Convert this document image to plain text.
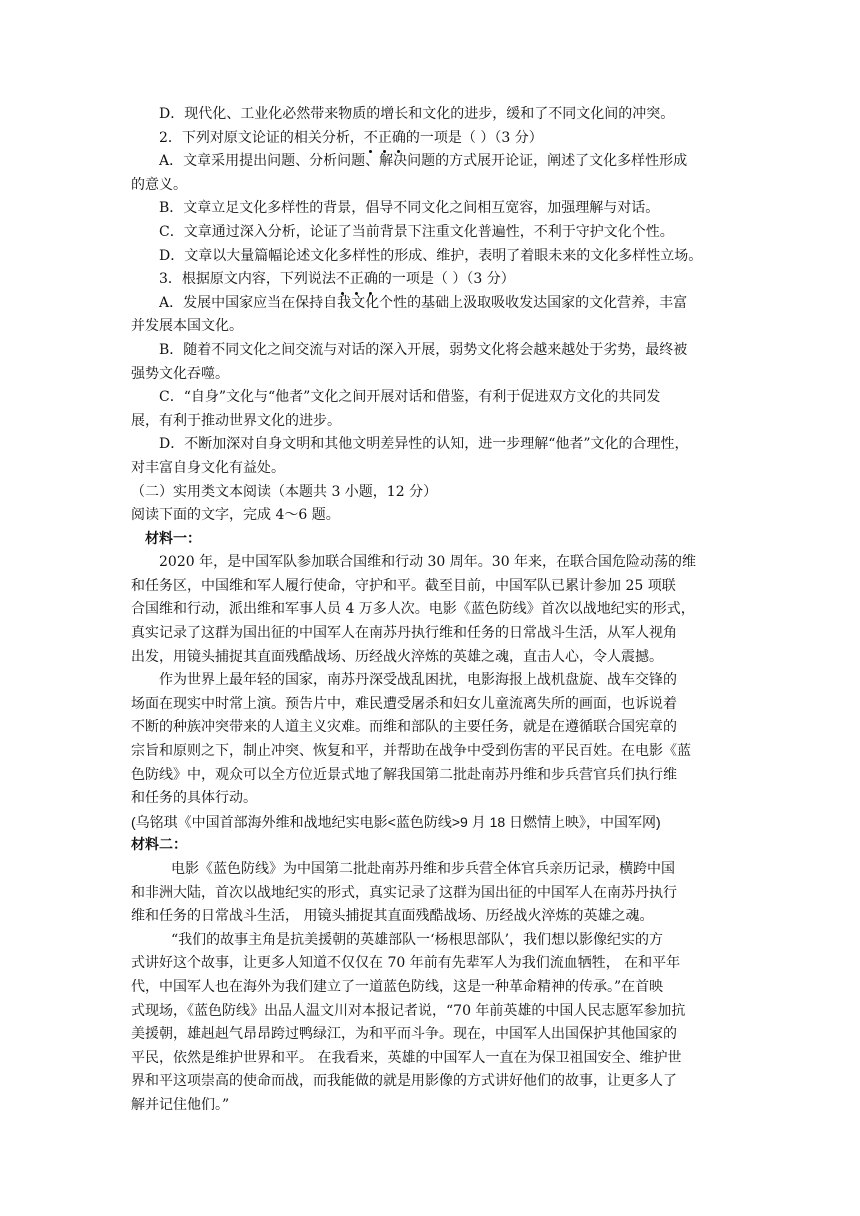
D．现代化、工业化必然带来物质的增长和文化的进步，缓和了不同文化间的冲突。

2．下列对原文论证的相关分析，不正确的一项是（ ）（3 分）

A．文章采用提出问题、分析问题、解决问题的方式展开论证，阐述了文化多样性形成

的意义。

B．文章立足文化多样性的背景，倡导不同文化之间相互宽容，加强理解与对话。

C．文章通过深入分析，论证了当前背景下注重文化普遍性，不利于守护文化个性。

D．文章以大量篇幅论述文化多样性的形成、维护，表明了着眼未来的文化多样性立场。

3．根据原文内容，下列说法不正确的一项是（ ）（3 分）

A．发展中国家应当在保持自我文化个性的基础上汲取吸收发达国家的文化营养，丰富

并发展本国文化。

B．随着不同文化之间交流与对话的深入开展，弱势文化将会越来越处于劣势，最终被

强势文化吞噬。

C．“自身”文化与“他者”文化之间开展对话和借鉴，有利于促进双方文化的共同发

展，有利于推动世界文化的进步。

D．不断加深对自身文明和其他文明差异性的认知，进一步理解“他者”文化的合理性，

对丰富自身文化有益处。

（二）实用类文本阅读（本题共 3 小题，12 分）

阅读下面的文字，完成 4～6 题。

材料一：

2020 年，是中国军队参加联合国维和行动 30 周年。30 年来，在联合国危险动荡的维

和任务区，中国维和军人履行使命，守护和平。截至目前，中国军队已累计参加 25 项联

合国维和行动，派出维和军事人员 4 万多人次。电影《蓝色防线》首次以战地纪实的形式，

真实记录了这群为国出征的中国军人在南苏丹执行维和任务的日常战斗生活，从军人视角

出发，用镜头捕捉其直面残酷战场、历经战火淬炼的英雄之魂，直击人心，令人震撼。

作为世界上最年轻的国家，南苏丹深受战乱困扰，电影海报上战机盘旋、战车交锋的

场面在现实中时常上演。预告片中，难民遭受屠杀和妇女儿童流离失所的画面，也诉说着

不断的种族冲突带来的人道主义灾难。而维和部队的主要任务，就是在遵循联合国宪章的

宗旨和原则之下，制止冲突、恢复和平，并帮助在战争中受到伤害的平民百姓。在电影《蓝

色防线》中，观众可以全方位近景式地了解我国第二批赴南苏丹维和步兵营官兵们执行维

和任务的具体行动。

(乌铭琪《中国首部海外维和战地纪实电影<蓝色防线>9 月 18 日燃情上映》，中国军网)

材料二：

电影《蓝色防线》为中国第二批赴南苏丹维和步兵营全体官兵亲历记录，横跨中国

和非洲大陆，首次以战地纪实的形式，真实记录了这群为国出征的中国军人在南苏丹执行

维和任务的日常战斗生活， 用镜头捕捉其直面残酷战场、历经战火淬炼的英雄之魂。

“我们的故事主角是抗美援朝的英雄部队一‘杨根思部队’，我们想以影像纪实的方

式讲好这个故事，让更多人知道不仅仅在 70 年前有先辈军人为我们流血牺牲， 在和平年

代，中国军人也在海外为我们建立了一道蓝色防线，这是一种革命精神的传承。”在首映

式现场，《蓝色防线》出品人温文川对本报记者说，“70 年前英雄的中国人民志愿军参加抗

美援朝，雄赳赳气昂昂跨过鸭绿江，为和平而斗争。现在，中国军人出国保护其他国家的

平民，依然是维护世界和平。 在我看来，英雄的中国军人一直在为保卫祖国安全、维护世

界和平这项崇高的使命而战，而我能做的就是用影像的方式讲好他们的故事，让更多人了

解并记住他们。”
